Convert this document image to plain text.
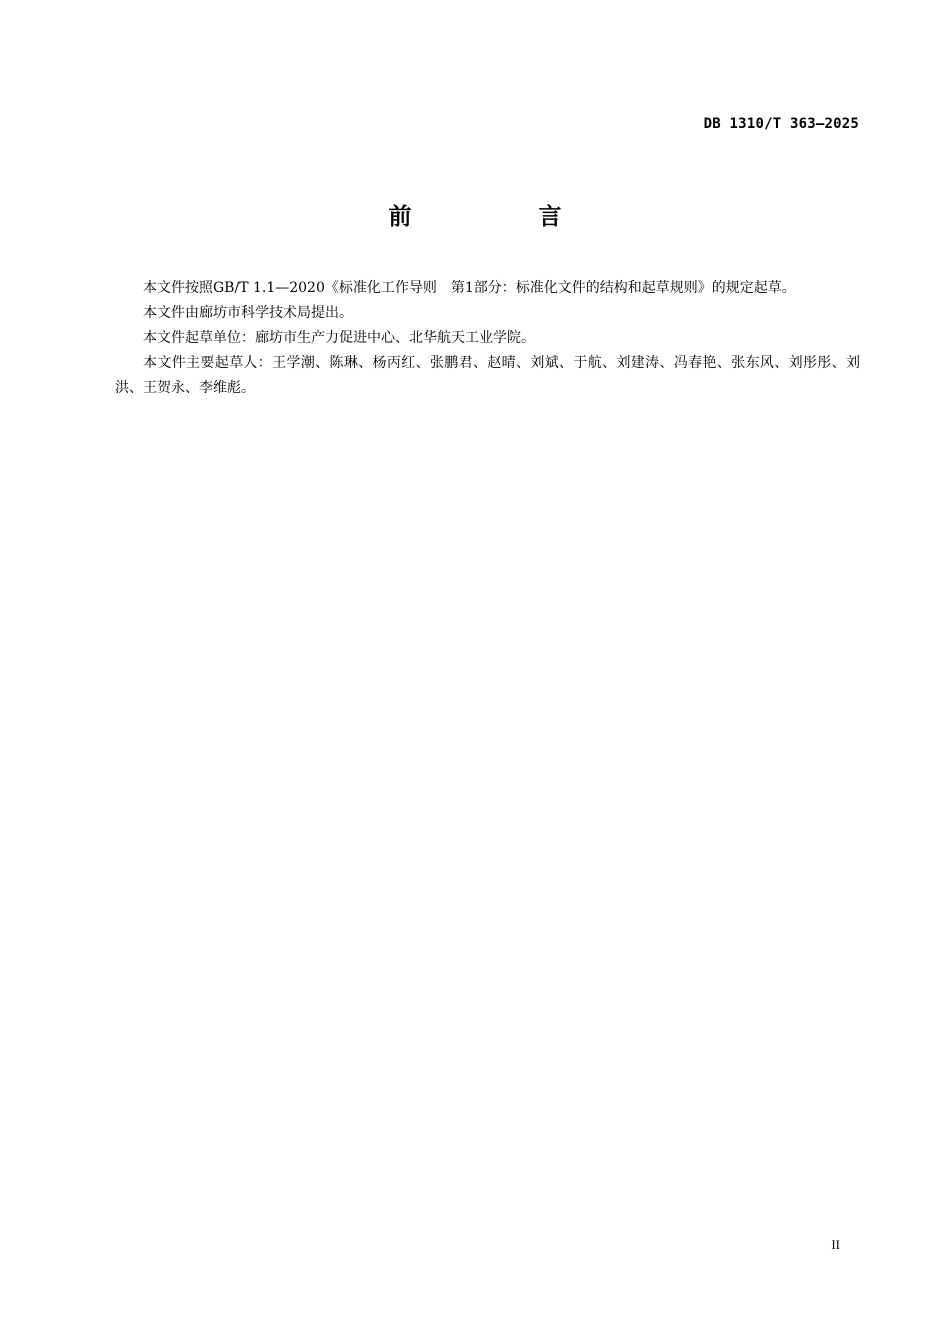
DB 1310/T 363—2025
前　言

本文件按照GB/T 1.1—2020《标准化工作导则　第1部分：标准化文件的结构和起草规则》的规定起草。

本文件由廊坊市科学技术局提出。

本文件起草单位：廊坊市生产力促进中心、北华航天工业学院。

本文件主要起草人：王学潮、陈琳、杨丙红、张鹏君、赵晴、刘斌、于航、刘建涛、冯春艳、张东风、刘彤彤、刘洪、王贺永、李维彪。

II
